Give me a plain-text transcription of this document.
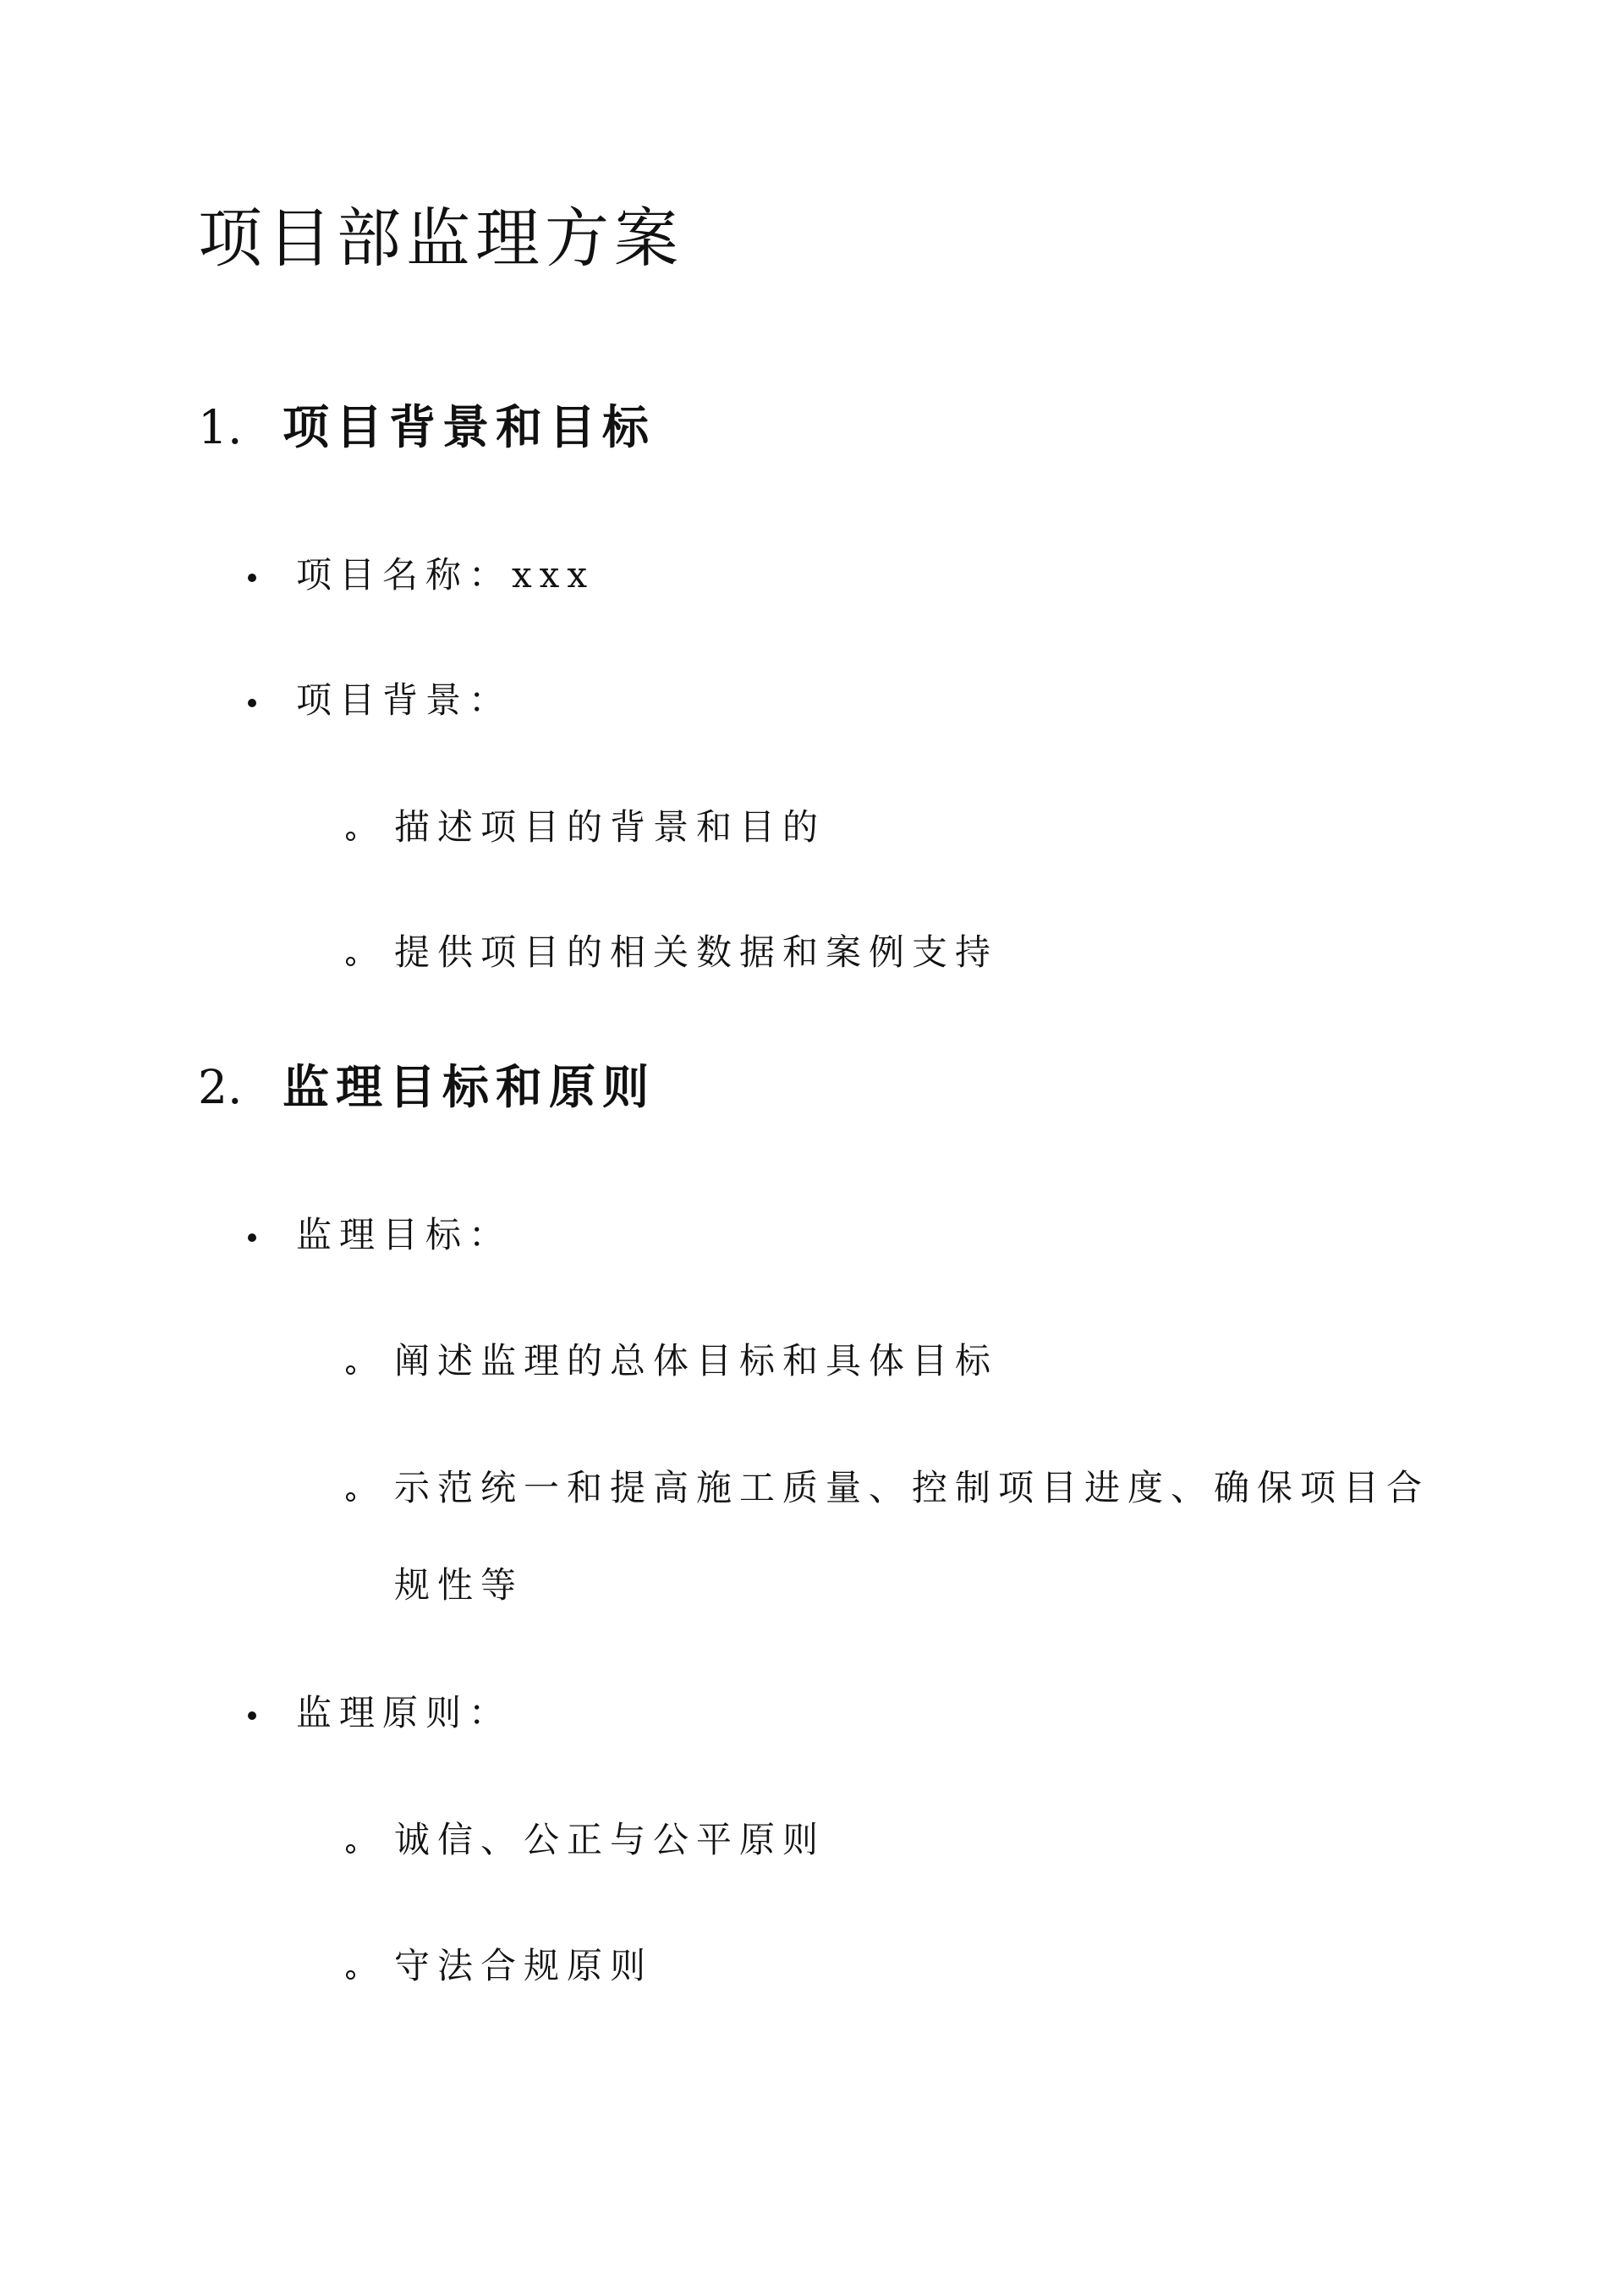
项目部监理方案
1. 项目背景和目标
项目名称：xxx
项目背景：
描述项目的背景和目的
提供项目的相关数据和案例支持
2. 监理目标和原则
监理目标：
阐述监理的总体目标和具体目标
示范统一和提高施工质量、控制项目进度、确保项目合
规性等
监理原则：
诚信、公正与公平原则
守法合规原则
